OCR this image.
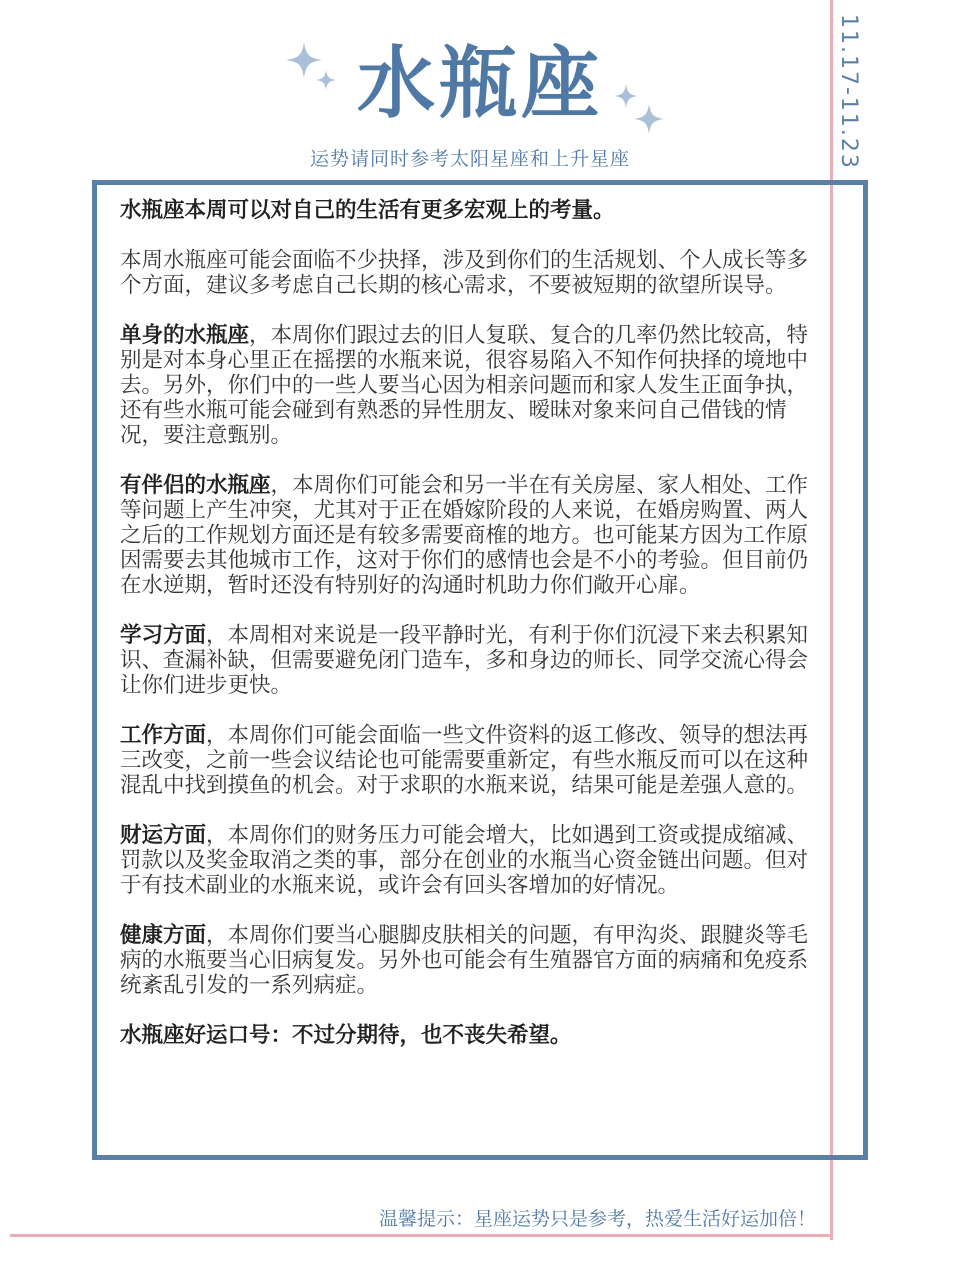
11.17-11.23
水瓶座
运势请同时参考太阳星座和上升星座

水瓶座本周可以对自己的生活有更多宏观上的考量。

本周水瓶座可能会面临不少抉择，涉及到你们的生活规划、个人成长等多个方面，建议多考虑自己长期的核心需求，不要被短期的欲望所误导。

单身的水瓶座，本周你们跟过去的旧人复联、复合的几率仍然比较高，特别是对本身心里正在摇摆的水瓶来说，很容易陷入不知作何抉择的境地中去。另外，你们中的一些人要当心因为相亲问题而和家人发生正面争执，还有些水瓶可能会碰到有熟悉的异性朋友、暧昧对象来问自己借钱的情况，要注意甄别。

有伴侣的水瓶座，本周你们可能会和另一半在有关房屋、家人相处、工作等问题上产生冲突，尤其对于正在婚嫁阶段的人来说，在婚房购置、两人之后的工作规划方面还是有较多需要商榷的地方。也可能某方因为工作原因需要去其他城市工作，这对于你们的感情也会是不小的考验。但目前仍在水逆期，暂时还没有特别好的沟通时机助力你们敞开心扉。

学习方面，本周相对来说是一段平静时光，有利于你们沉浸下来去积累知识、查漏补缺，但需要避免闭门造车，多和身边的师长、同学交流心得会让你们进步更快。

工作方面，本周你们可能会面临一些文件资料的返工修改、领导的想法再三改变，之前一些会议结论也可能需要重新定，有些水瓶反而可以在这种混乱中找到摸鱼的机会。对于求职的水瓶来说，结果可能是差强人意的。

财运方面，本周你们的财务压力可能会增大，比如遇到工资或提成缩减、罚款以及奖金取消之类的事，部分在创业的水瓶当心资金链出问题。但对于有技术副业的水瓶来说，或许会有回头客增加的好情况。

健康方面，本周你们要当心腿脚皮肤相关的问题，有甲沟炎、跟腱炎等毛病的水瓶要当心旧病复发。另外也可能会有生殖器官方面的病痛和免疫系统紊乱引发的一系列病症。

水瓶座好运口号：不过分期待，也不丧失希望。

温馨提示：星座运势只是参考，热爱生活好运加倍！
